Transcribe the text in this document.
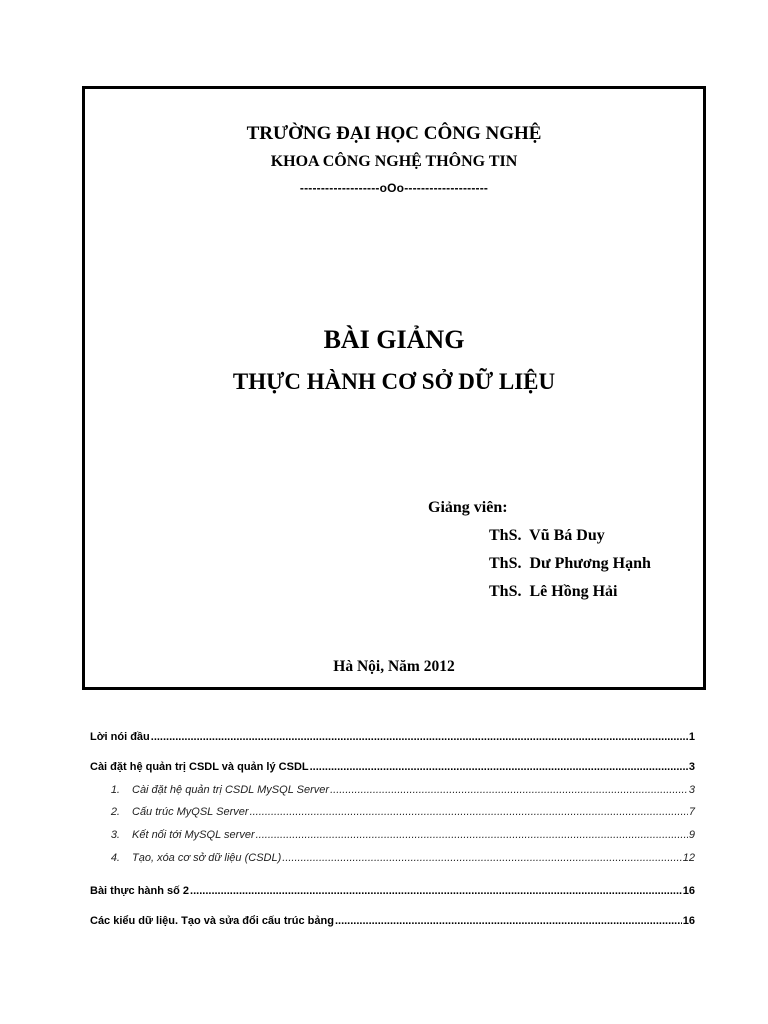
TRƯỜNG ĐẠI HỌC CÔNG NGHỆ
KHOA CÔNG NGHỆ THÔNG TIN
-------------------oOo--------------------
BÀI GIẢNG
THỰC HÀNH CƠ SỞ DỮ LIỆU
Giảng viên:
ThS.  Vũ Bá Duy
ThS.  Dư Phương Hạnh
ThS.  Lê Hồng Hải
Hà Nội, Năm 2012
Lời nói đầu .....	1
Cài đặt hệ quản trị CSDL và quản lý CSDL .....	3
1. Cài đặt hệ quản trị CSDL MySQL Server .....	3
2. Cấu trúc MyQSL Server .....	7
3. Kết nối tới MySQL server .....	9
4. Tạo, xóa cơ sở dữ liệu (CSDL) .....	12
Bài thực hành số 2 .....	16
Các kiểu dữ liệu. Tạo và sửa đổi cấu trúc bảng .....	16
